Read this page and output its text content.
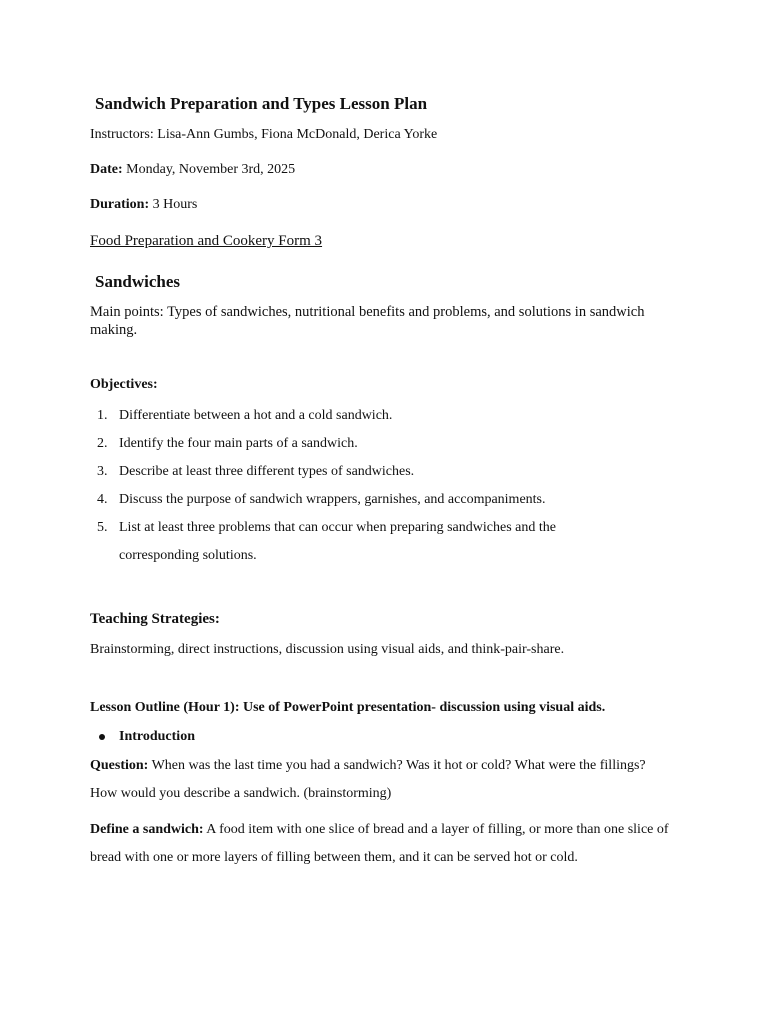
Sandwich Preparation and Types Lesson Plan
Instructors: Lisa-Ann Gumbs, Fiona McDonald, Derica Yorke
Date: Monday, November 3rd, 2025
Duration: 3 Hours
Food Preparation and Cookery Form 3
Sandwiches
Main points: Types of sandwiches, nutritional benefits and problems, and solutions in sandwich making.
Objectives:
1. Differentiate between a hot and a cold sandwich.
2. Identify the four main parts of a sandwich.
3. Describe at least three different types of sandwiches.
4. Discuss the purpose of sandwich wrappers, garnishes, and accompaniments.
5. List at least three problems that can occur when preparing sandwiches and the corresponding solutions.
Teaching Strategies:
Brainstorming, direct instructions, discussion using visual aids, and think-pair-share.
Lesson Outline (Hour 1): Use of PowerPoint presentation- discussion using visual aids.
Introduction
Question: When was the last time you had a sandwich? Was it hot or cold? What were the fillings? How would you describe a sandwich. (brainstorming)
Define a sandwich: A food item with one slice of bread and a layer of filling, or more than one slice of bread with one or more layers of filling between them, and it can be served hot or cold.
